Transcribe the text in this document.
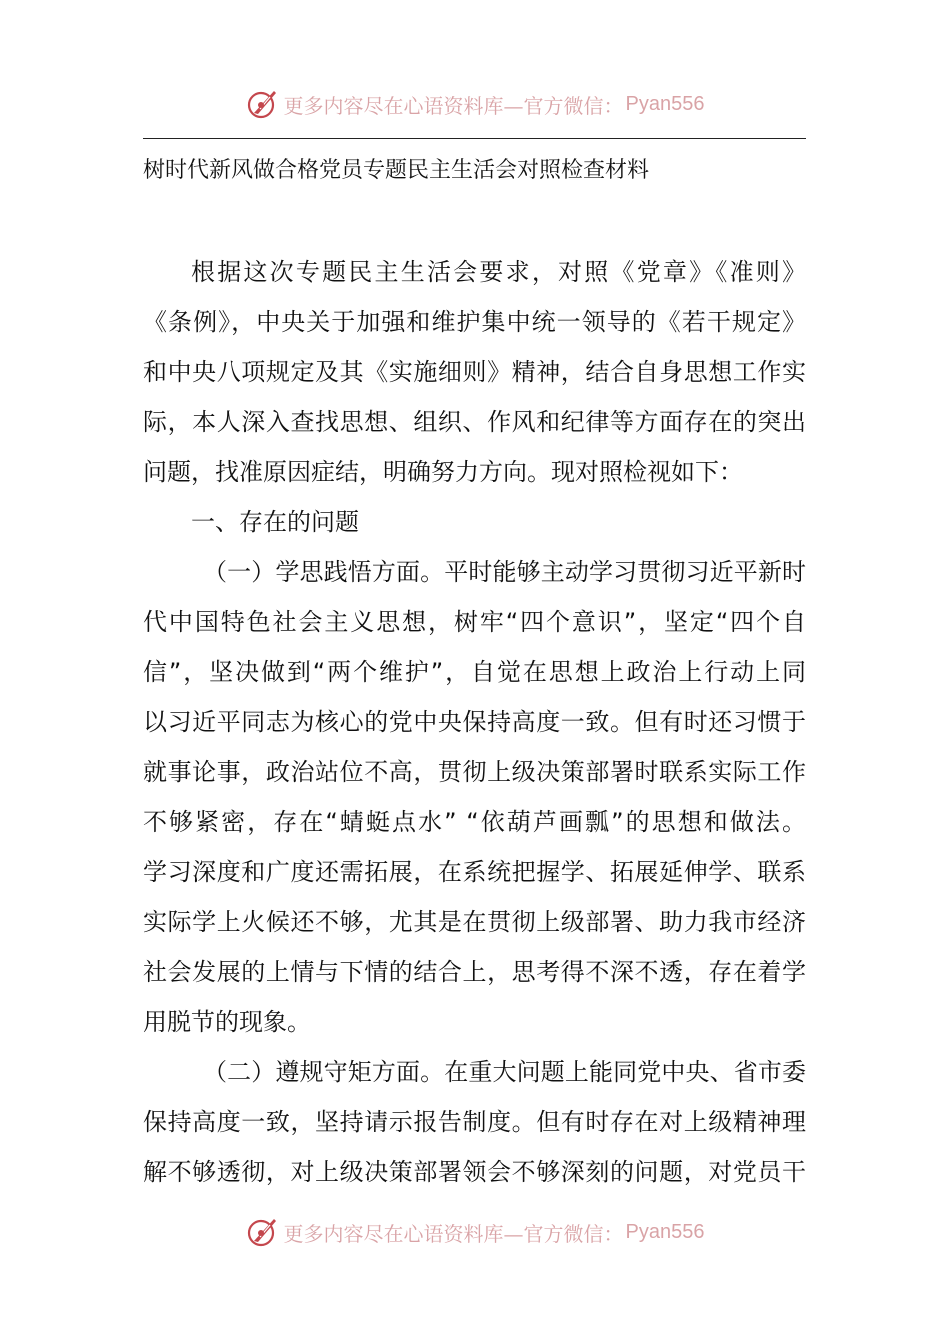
更多内容尽在心语资料库—官方微信： Pyan556
树时代新风做合格党员专题民主生活会对照检查材料
根据这次专题民主生活会要求，对照《党章》《准则》
《条例》，中央关于加强和维护集中统一领导的《若干规定》
和中央八项规定及其《实施细则》精神，结合自身思想工作实
际，本人深入查找思想、组织、作风和纪律等方面存在的突出
问题，找准原因症结，明确努力方向。现对照检视如下：
一、存在的问题
（一）学思践悟方面。平时能够主动学习贯彻习近平新时
代中国特色社会主义思想，树牢“四个意识”，坚定“四个自
信”，坚决做到“两个维护”，自觉在思想上政治上行动上同
以习近平同志为核心的党中央保持高度一致。但有时还习惯于
就事论事，政治站位不高，贯彻上级决策部署时联系实际工作
不够紧密，存在“蜻蜓点水” “依葫芦画瓢”的思想和做法。
学习深度和广度还需拓展，在系统把握学、拓展延伸学、联系
实际学上火候还不够，尤其是在贯彻上级部署、助力我市经济
社会发展的上情与下情的结合上，思考得不深不透，存在着学
用脱节的现象。
（二）遵规守矩方面。在重大问题上能同党中央、省市委
保持高度一致，坚持请示报告制度。但有时存在对上级精神理
解不够透彻，对上级决策部署领会不够深刻的问题，对党员干
更多内容尽在心语资料库—官方微信： Pyan556
